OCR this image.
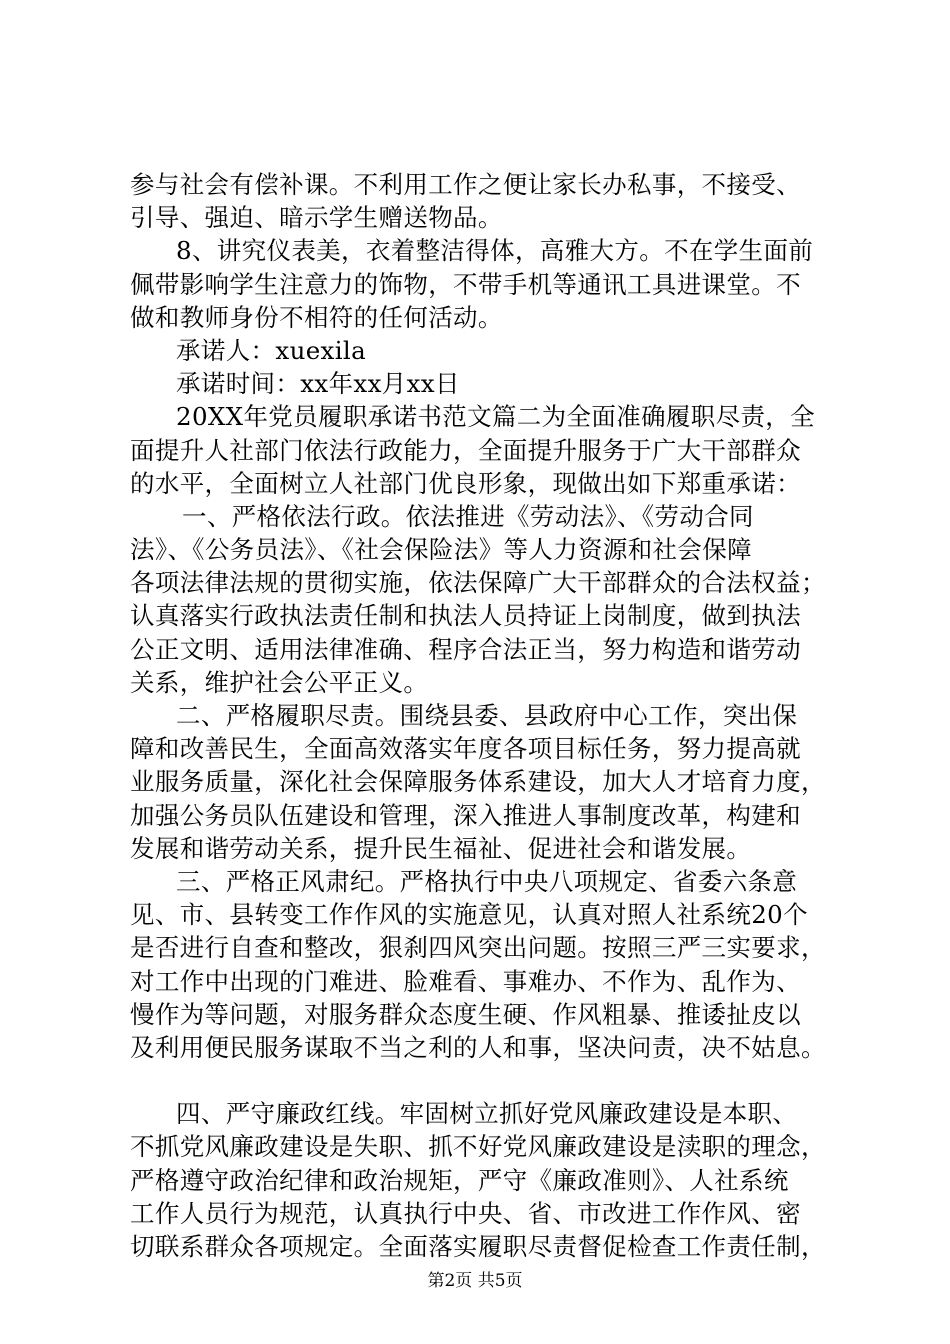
参与社会有偿补课。不利用工作之便让家长办私事，不接受、
引导、强迫、暗示学生赠送物品。
8、讲究仪表美，衣着整洁得体，高雅大方。不在学生面前
佩带影响学生注意力的饰物，不带手机等通讯工具进课堂。不
做和教师身份不相符的任何活动。
承诺人：xuexila
承诺时间：xx年xx月xx日
20XX年党员履职承诺书范文篇二为全面准确履职尽责，全
面提升人社部门依法行政能力，全面提升服务于广大干部群众
的水平，全面树立人社部门优良形象，现做出如下郑重承诺：
一、严格依法行政。依法推进《劳动法》、《劳动合同
法》、《公务员法》、《社会保险法》等人力资源和社会保障
各项法律法规的贯彻实施，依法保障广大干部群众的合法权益；
认真落实行政执法责任制和执法人员持证上岗制度，做到执法
公正文明、适用法律准确、程序合法正当，努力构造和谐劳动
关系，维护社会公平正义。
二、严格履职尽责。围绕县委、县政府中心工作，突出保
障和改善民生，全面高效落实年度各项目标任务，努力提高就
业服务质量，深化社会保障服务体系建设，加大人才培育力度，
加强公务员队伍建设和管理，深入推进人事制度改革，构建和
发展和谐劳动关系，提升民生福祉、促进社会和谐发展。
三、严格正风肃纪。严格执行中央八项规定、省委六条意
见、市、县转变工作作风的实施意见，认真对照人社系统20个
是否进行自查和整改，狠刹四风突出问题。按照三严三实要求，
对工作中出现的门难进、脸难看、事难办、不作为、乱作为、
慢作为等问题，对服务群众态度生硬、作风粗暴、推诿扯皮以
及利用便民服务谋取不当之利的人和事，坚决问责，决不姑息。
四、严守廉政红线。牢固树立抓好党风廉政建设是本职、
不抓党风廉政建设是失职、抓不好党风廉政建设是渎职的理念，
严格遵守政治纪律和政治规矩，严守《廉政准则》、人社系统
工作人员行为规范，认真执行中央、省、市改进工作作风、密
切联系群众各项规定。全面落实履职尽责督促检查工作责任制，
第2页 共5页
